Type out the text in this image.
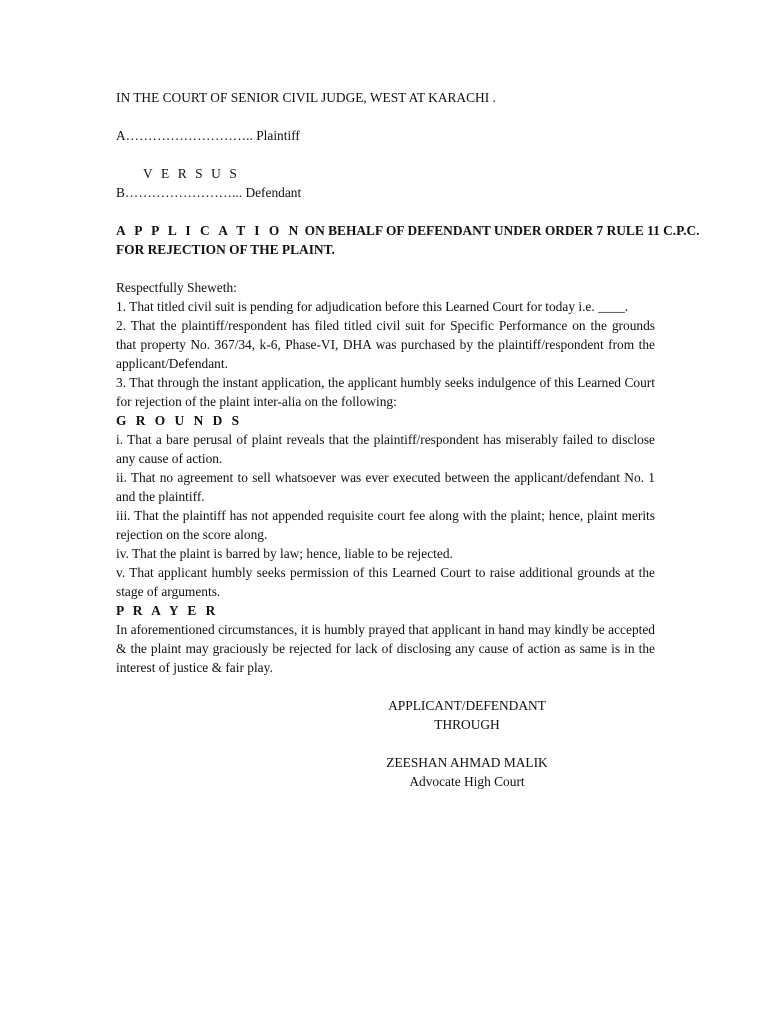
IN THE COURT OF SENIOR CIVIL JUDGE, WEST AT KARACHI .
A……………………….. Plaintiff
V E R S U S
B……………………... Defendant
A P P L I C A T I O N ON BEHALF OF DEFENDANT UNDER ORDER 7 RULE 11 C.P.C.
FOR REJECTION OF THE PLAINT.

Respectfully Sheweth:

1. That titled civil suit is pending for adjudication before this Learned Court for today i.e. ____.

2. That the plaintiff/respondent has filed titled civil suit for Specific Performance on the grounds that property No. 367/34, k-6, Phase-VI, DHA was purchased by the plaintiff/respondent from the applicant/Defendant.

3. That through the instant application, the applicant humbly seeks indulgence of this Learned Court for rejection of the plaint inter-alia on the following:

G R O U N D S

i. That a bare perusal of plaint reveals that the plaintiff/respondent has miserably failed to disclose any cause of action.

ii. That no agreement to sell whatsoever was ever executed between the applicant/defendant No. 1 and the plaintiff.

iii. That the plaintiff has not appended requisite court fee along with the plaint; hence, plaint merits rejection on the score along.

iv. That the plaint is barred by law; hence, liable to be rejected.

v. That applicant humbly seeks permission of this Learned Court to raise additional grounds at the stage of arguments.

P R A Y E R

In aforementioned circumstances, it is humbly prayed that applicant in hand may kindly be accepted & the plaint may graciously be rejected for lack of disclosing any cause of action as same is in the interest of justice & fair play.

APPLICANT/DEFENDANT

THROUGH

ZEESHAN AHMAD MALIK

Advocate High Court
